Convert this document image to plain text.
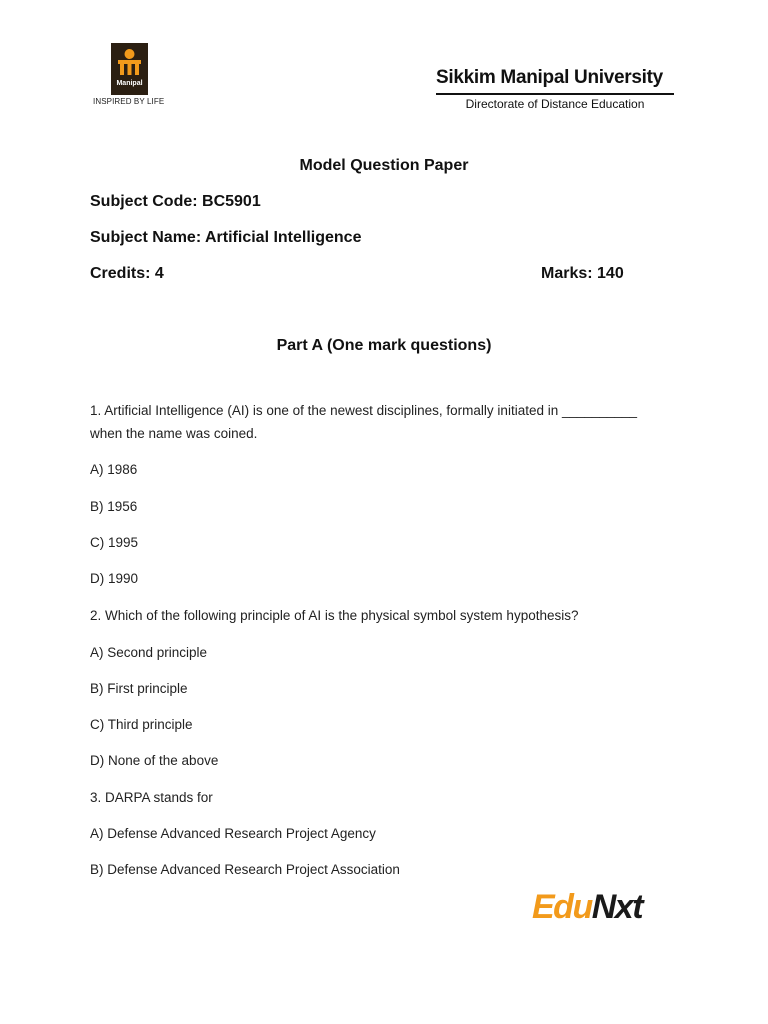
Manipal
INSPIRED BY LIFE
Sikkim Manipal University
Directorate of Distance Education
Model Question Paper
Subject Code: BC5901
Subject Name: Artificial Intelligence
Credits: 4	Marks: 140
Part A (One mark questions)
1. Artificial Intelligence (AI) is one of the newest disciplines, formally initiated in __________
when the name was coined.
A) 1986
B) 1956
C) 1995
D) 1990
2. Which of the following principle of AI is the physical symbol system hypothesis?
A) Second principle
B) First principle
C) Third principle
D) None of the above
3. DARPA stands for
A) Defense Advanced Research Project Agency
B) Defense Advanced Research Project Association
EduNxt
